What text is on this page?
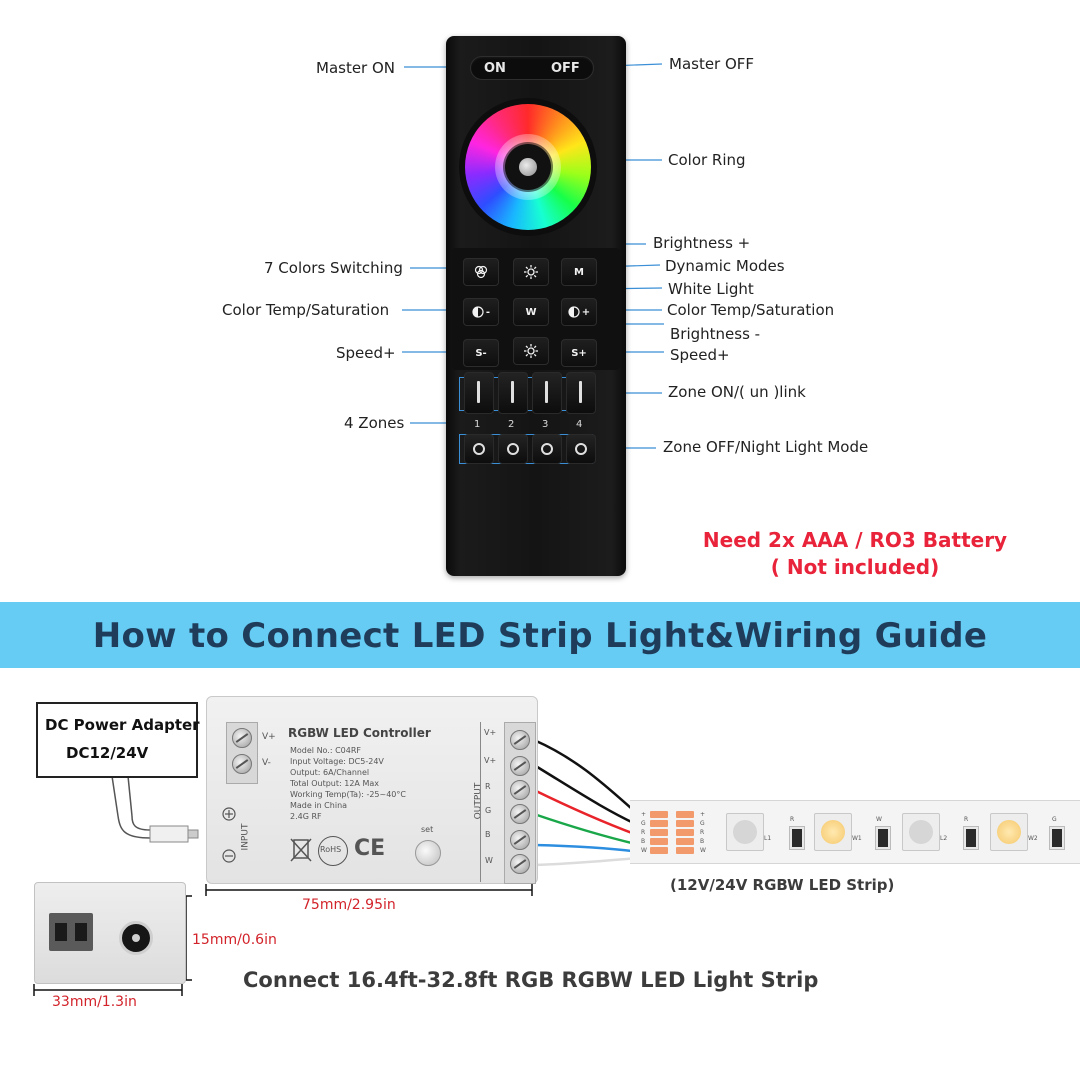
ON	OFF
M
-	W	+
S-	S+
1	2	3	4
Master ON	Master OFF
Color Ring
Brightness +
7 Colors Switching	Dynamic Modes
White Light
Color Temp/Saturation	Color Temp/Saturation
Brightness -
Speed+	Speed+
Zone ON/( un )link
4 Zones
Zone OFF/Night Light Mode
Need 2x AAA / RO3 Battery
( Not included)
How to Connect LED Strip Light&Wiring Guide
DC Power Adapter
DC12/24V
V+
V-
RGBW LED Controller
Model No.: C04RF
Input Voltage: DC5-24V
Output: 6A/Channel
Total Output: 12A Max
Working Temp(Ta): -25~40°C
Made in China
2.4G RF
INPUT	RoHS CE
set
OUTPUT
V+
V+
R
G
B
W
+
G
R
B
W
+
G
R
B
W
L1
R
W1
W
L2
R
W2
G
(12V/24V RGBW LED Strip)
75mm/2.95in
15mm/0.6in
33mm/1.3in
Connect 16.4ft-32.8ft RGB RGBW LED Light Strip
